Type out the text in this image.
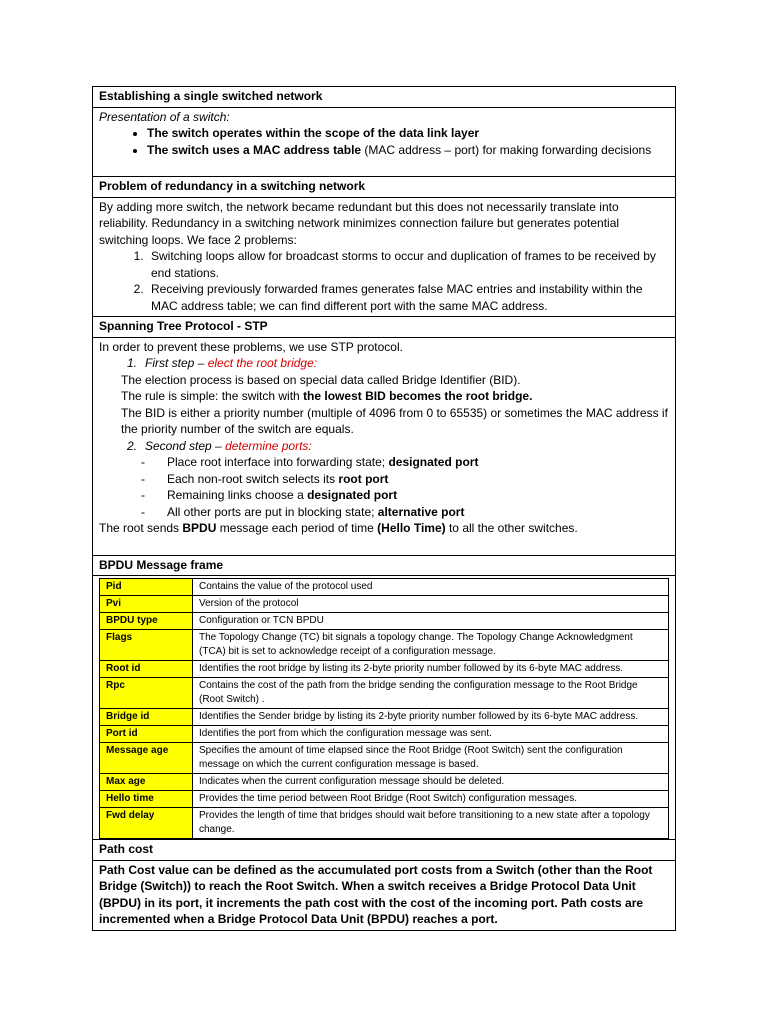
Establishing a single switched network

Presentation of a switch:
• The switch operates within the scope of the data link layer
• The switch uses a MAC address table (MAC address – port) for making forwarding decisions

Problem of redundancy in a switching network

By adding more switch, the network became redundant but this does not necessarily translate into reliability. Redundancy in a switching network minimizes connection failure but generates potential switching loops. We face 2 problems:
1. Switching loops allow for broadcast storms to occur and duplication of frames to be received by end stations.
2. Receiving previously forwarded frames generates false MAC entries and instability within the MAC address table; we can find different port with the same MAC address.

Spanning Tree Protocol - STP

In order to prevent these problems, we use STP protocol.
1. First step – elect the root bridge:
The election process is based on special data called Bridge Identifier (BID).
The rule is simple: the switch with the lowest BID becomes the root bridge.
The BID is either a priority number (multiple of 4096 from 0 to 65535) or sometimes the MAC address if the priority number of the switch are equals.
2. Second step – determine ports:
- Place root interface into forwarding state; designated port
- Each non-root switch selects its root port
- Remaining links choose a designated port
- All other ports are put in blocking state; alternative port
The root sends BPDU message each period of time (Hello Time) to all the other switches.

BPDU Message frame

Pid	Contains the value of the protocol used
Pvi	Version of the protocol
BPDU type	Configuration or TCN BPDU
Flags	The Topology Change (TC) bit signals a topology change. The Topology Change Acknowledgment (TCA) bit is set to acknowledge receipt of a configuration message.
Root id	Identifies the root bridge by listing its 2-byte priority number followed by its 6-byte MAC address.
Rpc	Contains the cost of the path from the bridge sending the configuration message to the Root Bridge (Root Switch) .
Bridge id	Identifies the Sender bridge by listing its 2-byte priority number followed by its 6-byte MAC address.
Port id	Identifies the port from which the configuration message was sent.
Message age	Specifies the amount of time elapsed since the Root Bridge (Root Switch) sent the configuration message on which the current configuration message is based.
Max age	Indicates when the current configuration message should be deleted.
Hello time	Provides the time period between Root Bridge (Root Switch) configuration messages.
Fwd delay	Provides the length of time that bridges should wait before transitioning to a new state after a topology change.

Path cost
Path Cost value can be defined as the accumulated port costs from a Switch (other than the Root Bridge (Switch)) to reach the Root Switch. When a switch receives a Bridge Protocol Data Unit (BPDU) in its port, it increments the path cost with the cost of the incoming port. Path costs are incremented when a Bridge Protocol Data Unit (BPDU) reaches a port.
